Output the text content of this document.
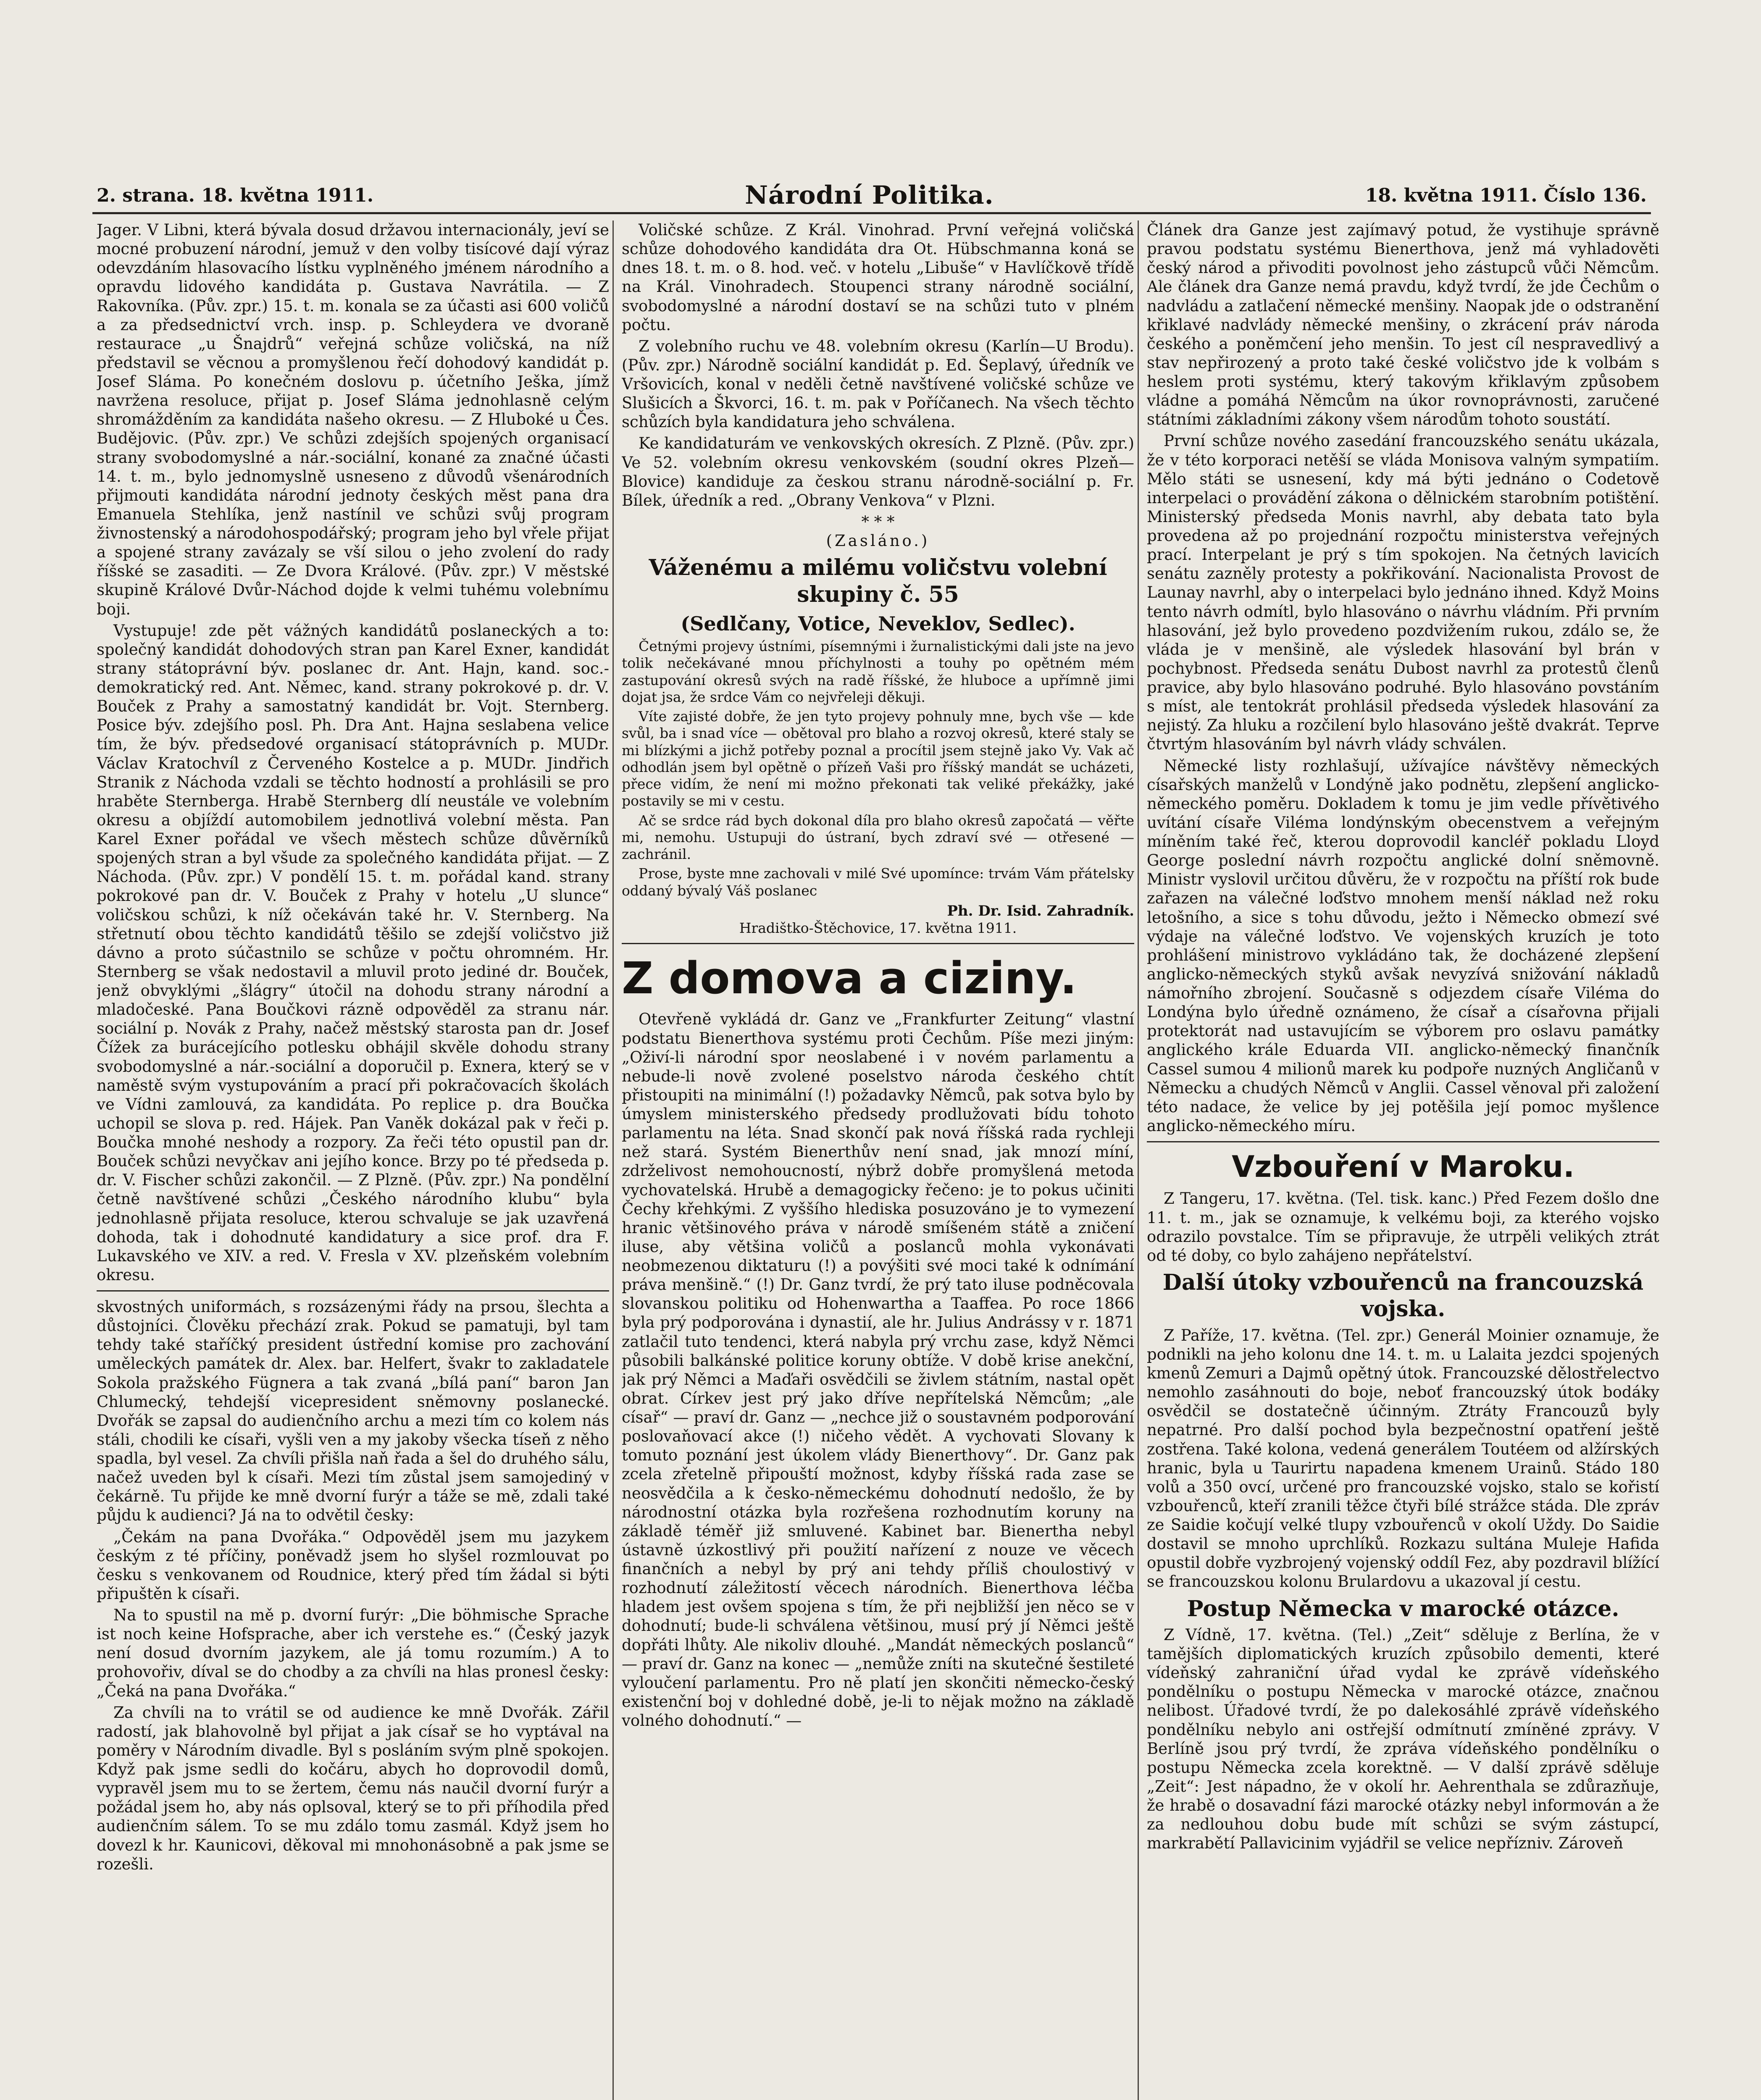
2. strana. 18. května 1911.	Národní Politika.	18. května 1911. Číslo 136.

Jager. V Libni, která bývala dosud državou internacionály, jeví se mocné probuzení národní, jemuž v den volby tisícové dají výraz odevzdáním hlasovacího lístku vyplněného jménem národního a opravdu lidového kandidáta p. Gustava Navrátila. — Z Rakovníka. (Pův. zpr.) 15. t. m. konala se za účasti asi 600 voličů a za předsednictví vrch. insp. p. Schleydera ve dvoraně restaurace „u Šnajdrů“ veřejná schůze voličská, na níž představil se věcnou a promyšlenou řečí dohodový kandidát p. Josef Sláma. Po konečném doslovu p. účetního Ješka, jímž navržena resoluce, přijat p. Josef Sláma jednohlasně celým shromážděním za kandidáta našeho okresu. — Z Hluboké u Čes. Budějovic. (Pův. zpr.) Ve schůzi zdejších spojených organisací strany svobodomyslné a nár.-sociální, konané za značné účasti 14. t. m., bylo jednomyslně usneseno z důvodů všenárodních přijmouti kandidáta národní jednoty českých měst pana dra Emanuela Stehlíka, jenž nastínil ve schůzi svůj program živnostenský a národohospodářský; program jeho byl vřele přijat a spojené strany zavázaly se vší silou o jeho zvolení do rady říšské se zasaditi. — Ze Dvora Králové. (Pův. zpr.) V městské skupině Králové Dvůr-Náchod dojde k velmi tuhému volebnímu boji.

Vystupuje! zde pět vážných kandidátů poslaneckých a to: společný kandidát dohodových stran pan Karel Exner, kandidát strany státoprávní býv. poslanec dr. Ant. Hajn, kand. soc.-demokratický red. Ant. Němec, kand. strany pokrokové p. dr. V. Bouček z Prahy a samostatný kandidát br. Vojt. Sternberg. Posice býv. zdejšího posl. Ph. Dra Ant. Hajna seslabena velice tím, že býv. předsedové organisací státoprávních p. MUDr. Václav Kratochvíl z Červeného Kostelce a p. MUDr. Jindřich Stranik z Náchoda vzdali se těchto hodností a prohlásili se pro hraběte Sternberga. Hrabě Sternberg dlí neustále ve volebním okresu a objíždí automobilem jednotlivá volební města. Pan Karel Exner pořádal ve všech městech schůze důvěrníků spojených stran a byl všude za společného kandidáta přijat. — Z Náchoda. (Pův. zpr.) V pondělí 15. t. m. pořádal kand. strany pokrokové pan dr. V. Bouček z Prahy v hotelu „U slunce“ voličskou schůzi, k níž očekáván také hr. V. Sternberg. Na střetnutí obou těchto kandidátů těšilo se zdejší voličstvo již dávno a proto súčastnilo se schůze v počtu ohromném. Hr. Sternberg se však nedostavil a mluvil proto jediné dr. Bouček, jenž obvyklými „šlágry“ útočil na dohodu strany národní a mladočeské. Pana Boučkovi rázně odpověděl za stranu nár. sociální p. Novák z Prahy, načež městský starosta pan dr. Josef Čížek za burácejícího potlesku obhájil skvěle dohodu strany svobodomyslné a nár.-sociální a doporučil p. Exnera, který se v naměstě svým vystupováním a prací při pokračovacích školách ve Vídni zamlouvá, za kandidáta. Po replice p. dra Boučka uchopil se slova p. red. Hájek. Pan Vaněk dokázal pak v řeči p. Boučka mnohé neshody a rozpory. Za řeči této opustil pan dr. Bouček schůzi nevyčkav ani jejího konce. Brzy po té předseda p. dr. V. Fischer schůzi zakončil. — Z Plzně. (Pův. zpr.) Na pondělní četně navštívené schůzi „Českého národního klubu“ byla jednohlasně přijata resoluce, kterou schvaluje se jak uzavřená dohoda, tak i dohodnuté kandidatury a sice prof. dra F. Lukavského ve XIV. a red. V. Fresla v XV. plzeňském volebním okresu.

skvostných uniformách, s rozsázenými řády na prsou, šlechta a důstojníci. Člověku přechází zrak. Pokud se pamatuji, byl tam tehdy také staříčký president ústřední komise pro zachování uměleckých památek dr. Alex. bar. Helfert, švakr to zakladatele Sokola pražského Fügnera a tak zvaná „bílá paní“ baron Jan Chlumecký, tehdejší vicepresident sněmovny poslanecké. Dvořák se zapsal do audienčního archu a mezi tím co kolem nás stáli, chodili ke císaři, vyšli ven a my jakoby všecka tíseň z něho spadla, byl vesel. Za chvíli přišla naň řada a šel do druhého sálu, načež uveden byl k císaři. Mezi tím zůstal jsem samojediný v čekárně. Tu přijde ke mně dvorní furýr a táže se mě, zdali také půjdu k audienci? Já na to odvětil česky:

„Čekám na pana Dvořáka.“ Odpověděl jsem mu jazykem českým z té příčiny, poněvadž jsem ho slyšel rozmlouvat po česku s venkovanem od Roudnice, který před tím žádal si býti připuštěn k císaři.

Na to spustil na mě p. dvorní furýr: „Die böhmische Sprache ist noch keine Hofsprache, aber ich verstehe es.“ (Český jazyk není dosud dvorním jazykem, ale já tomu rozumím.) A to prohovořiv, díval se do chodby a za chvíli na hlas pronesl česky: „Čeká na pana Dvořáka.“

Za chvíli na to vrátil se od audience ke mně Dvořák. Zářil radostí, jak blahovolně byl přijat a jak císař se ho vyptával na poměry v Národním divadle. Byl s posláním svým plně spokojen. Když pak jsme sedli do kočáru, abych ho doprovodil domů, vypravěl jsem mu to se žertem, čemu nás naučil dvorní furýr a požádal jsem ho, aby nás oplsoval, který se to při příhodila před audienčním sálem. To se mu zdálo tomu zasmál. Když jsem ho dovezl k hr. Kaunicovi, děkoval mi mnohonásobně a pak jsme se rozešli.

Voličské schůze. Z Král. Vinohrad. První veřejná voličská schůze dohodového kandidáta dra Ot. Hübschmanna koná se dnes 18. t. m. o 8. hod. več. v hotelu „Libuše“ v Havlíčkově třídě na Král. Vinohradech. Stoupenci strany národně sociální, svobodomyslné a národní dostaví se na schůzi tuto v plném počtu.

Z volebního ruchu ve 48. volebním okresu (Karlín—U Brodu). (Pův. zpr.) Národně sociální kandidát p. Ed. Šeplavý, úředník ve Vršovicích, konal v neděli četně navštívené voličské schůze ve Slušicích a Škvorci, 16. t. m. pak v Poříčanech. Na všech těchto schůzích byla kandidatura jeho schválena.

Ke kandidaturám ve venkovských okresích. Z Plzně. (Pův. zpr.) Ve 52. volebním okresu venkovském (soudní okres Plzeň—Blovice) kandiduje za českou stranu národně-sociální p. Fr. Bílek, úředník a red. „Obrany Venkova“ v Plzni.

* * *
(Zasláno.)
Váženému a milému voličstvu volební skupiny č. 55
(Sedlčany, Votice, Neveklov, Sedlec).

Četnými projevy ústními, písemnými i žurnalistickými dali jste na jevo tolik nečekávané mnou příchylnosti a touhy po opětném mém zastupování okresů svých na radě říšské, že hluboce a upřímně jimi dojat jsa, že srdce Vám co nejvřeleji děkuji.

Víte zajisté dobře, že jen tyto projevy pohnuly mne, bych vše — kde svůl, ba i snad více — obětoval pro blaho a rozvoj okresů, které staly se mi blízkými a jichž potřeby poznal a procítil jsem stejně jako Vy. Vak ač odhodlán jsem byl opětně o přízeň Vaši pro říšský mandát se ucházeti, přece vidím, že není mi možno překonati tak veliké překážky, jaké postavily se mi v cestu.

Ač se srdce rád bych dokonal díla pro blaho okresů započatá — věřte mi, nemohu. Ustupuji do ústraní, bych zdraví své — otřesené — zachránil.

Prose, byste mne zachovali v milé Své upomínce: trvám Vám přátelsky oddaný bývalý Váš poslanec

Ph. Dr. Isid. Zahradník.
Hradištko-Štěchovice, 17. května 1911.
Z domova a ciziny.

Otevřeně vykládá dr. Ganz ve „Frankfurter Zeitung“ vlastní podstatu Bienerthova systému proti Čechům. Píše mezi jiným: „Oživí-li národní spor neoslabené i v novém parlamentu a nebude-li nově zvolené poselstvo národa českého chtít přistoupiti na minimální (!) požadavky Němců, pak sotva bylo by úmyslem ministerského předsedy prodlužovati bídu tohoto parlamentu na léta. Snad skončí pak nová říšská rada rychleji než stará. Systém Bienerthův není snad, jak mnozí míní, zdrželivost nemohoucností, nýbrž dobře promyšlená metoda vychovatelská. Hrubě a demagogicky řečeno: je to pokus učiniti Čechy křehkými. Z vyššího hlediska posuzováno je to vymezení hranic většinového práva v národě smíšeném státě a zničení iluse, aby většina voličů a poslanců mohla vykonávati neobmezenou diktaturu (!) a povýšiti své moci také k odnímání práva menšině.“ (!) Dr. Ganz tvrdí, že prý tato iluse podněcovala slovanskou politiku od Hohenwartha a Taaffea. Po roce 1866 byla prý podporována i dynastií, ale hr. Julius Andrássy v r. 1871 zatlačil tuto tendenci, která nabyla prý vrchu zase, když Němci působili balkánské politice koruny obtíže. V době krise anekční, jak prý Němci a Maďaři osvědčili se živlem státním, nastal opět obrat. Církev jest prý jako dříve nepřítelská Němcům; „ale císař“ — praví dr. Ganz — „nechce již o soustavném podporování poslovaňovací akce (!) ničeho vědět. A vychovati Slovany k tomuto poznání jest úkolem vlády Bienerthovy“. Dr. Ganz pak zcela zřetelně připouští možnost, kdyby říšská rada zase se neosvědčila a k česko-německému dohodnutí nedošlo, že by národnostní otázka byla rozřešena rozhodnutím koruny na základě téměř již smluvené. Kabinet bar. Bienertha nebyl ústavně úzkostlivý při použití nařízení z nouze ve věcech finančních a nebyl by prý ani tehdy příliš choulostivý v rozhodnutí záležitostí věcech národních. Bienerthova léčba hladem jest ovšem spojena s tím, že při nejbližší jen něco se v dohodnutí; bude-li schválena většinou, musí prý jí Němci ještě dopřáti lhůty. Ale nikoliv dlouhé. „Mandát německých poslanců“ — praví dr. Ganz na konec — „nemůže zníti na skutečné šestileté vyloučení parlamentu. Pro ně platí jen skončiti německo-český existenční boj v dohledné době, je-li to nějak možno na základě volného dohodnutí.“ —

Článek dra Ganze jest zajímavý potud, že vystihuje správně pravou podstatu systému Bienerthova, jenž má vyhladověti český národ a přivoditi povolnost jeho zástupců vůči Němcům. Ale článek dra Ganze nemá pravdu, když tvrdí, že jde Čechům o nadvládu a zatlačení německé menšiny. Naopak jde o odstranění křiklavé nadvlády německé menšiny, o zkrácení práv národa českého a poněmčení jeho menšin. To jest cíl nespravedlivý a stav nepřirozený a proto také české voličstvo jde k volbám s heslem proti systému, který takovým křiklavým způsobem vládne a pomáhá Němcům na úkor rovnoprávnosti, zaručené státními základními zákony všem národům tohoto soustátí.

První schůze nového zasedání francouzského senátu ukázala, že v této korporaci netěší se vláda Monisova valným sympatiím. Mělo státi se usnesení, kdy má býti jednáno o Codetově interpelaci o provádění zákona o dělnickém starobním potištění. Ministerský předseda Monis navrhl, aby debata tato byla provedena až po projednání rozpočtu ministerstva veřejných prací. Interpelant je prý s tím spokojen. Na četných lavicích senátu zazněly protesty a pokřikování. Nacionalista Provost de Launay navrhl, aby o interpelaci bylo jednáno ihned. Když Moins tento návrh odmítl, bylo hlasováno o návrhu vládním. Při prvním hlasování, jež bylo provedeno pozdvižením rukou, zdálo se, že vláda je v menšině, ale výsledek hlasování byl brán v pochybnost. Předseda senátu Dubost navrhl za protestů členů pravice, aby bylo hlasováno podruhé. Bylo hlasováno povstáním s míst, ale tentokrát prohlásil předseda výsledek hlasování za nejistý. Za hluku a rozčilení bylo hlasováno ještě dvakrát. Teprve čtvrtým hlasováním byl návrh vlády schválen.

Německé listy rozhlašují, užívajíce návštěvy německých císařských manželů v Londýně jako podnětu, zlepšení anglicko-německého poměru. Dokladem k tomu je jim vedle přívětivého uvítání císaře Viléma londýnským obecenstvem a veřejným míněním také řeč, kterou doprovodil kancléř pokladu Lloyd George poslední návrh rozpočtu anglické dolní sněmovně. Ministr vyslovil určitou důvěru, že v rozpočtu na příští rok bude zařazen na válečné loďstvo mnohem menší náklad než roku letošního, a sice s tohu důvodu, ježto i Německo obmezí své výdaje na válečné loďstvo. Ve vojenských kruzích je toto prohlášení ministrovo vykládáno tak, že docházené zlepšení anglicko-německých styků avšak nevyzívá snižování nákladů námořního zbrojení. Současně s odjezdem císaře Viléma do Londýna bylo úředně oznámeno, že císař a císařovna přijali protektorát nad ustavujícím se výborem pro oslavu památky anglického krále Eduarda VII. anglicko-německý finančník Cassel sumou 4 milionů marek ku podpoře nuzných Angličanů v Německu a chudých Němců v Anglii. Cassel věnoval při založení této nadace, že velice by jej potěšila její pomoc myšlence anglicko-německého míru.

Vzbouření v Maroku.

Z Tangeru, 17. května. (Tel. tisk. kanc.) Před Fezem došlo dne 11. t. m., jak se oznamuje, k velkému boji, za kterého vojsko odrazilo povstalce. Tím se připravuje, že utrpěli velikých ztrát od té doby, co bylo zahájeno nepřátelství.

Další útoky vzbouřenců na francouzská vojska.

Z Paříže, 17. května. (Tel. zpr.) Generál Moinier oznamuje, že podnikli na jeho kolonu dne 14. t. m. u Lalaita jezdci spojených kmenů Zemuri a Dajmů opětný útok. Francouzské dělostřelectvo nemohlo zasáhnouti do boje, neboť francouzský útok bodáky osvědčil se dostatečně účinným. Ztráty Francouzů byly nepatrné. Pro další pochod byla bezpečnostní opatření ještě zostřena. Také kolona, vedená generálem Toutéem od alžírských hranic, byla u Taurirtu napadena kmenem Urainů. Stádo 180 volů a 350 ovcí, určené pro francouzské vojsko, stalo se kořistí vzbouřenců, kteří zranili těžce čtyři bílé strážce stáda. Dle zpráv ze Saidie kočují velké tlupy vzbouřenců v okolí Uždy. Do Saidie dostavil se mnoho uprchlíků. Rozkazu sultána Muleje Hafida opustil dobře vyzbrojený vojenský oddíl Fez, aby pozdravil blížící se francouzskou kolonu Brulardovu a ukazoval jí cestu.

Postup Německa v marocké otázce.

Z Vídně, 17. května. (Tel.) „Zeit“ sděluje z Berlína, že v tamějších diplomatických kruzích způsobilo dementi, které vídeňský zahraniční úřad vydal ke zprávě vídeňského pondělníku o postupu Německa v marocké otázce, značnou nelibost. Úřadové tvrdí, že po dalekosáhlé zprávě vídeňského pondělníku nebylo ani ostřejší odmítnutí zmíněné zprávy. V Berlíně jsou prý tvrdí, že zpráva vídeňského pondělníku o postupu Německa zcela korektně. — V další zprávě sděluje „Zeit“: Jest nápadno, že v okolí hr. Aehrenthala se zdůrazňuje, že hrabě o dosavadní fázi marocké otázky nebyl informován a že za nedlouhou dobu bude mít schůzi se svým zástupcí, markrabětí Pallavicinim vyjádřil se velice nepřízniv. Zároveň
